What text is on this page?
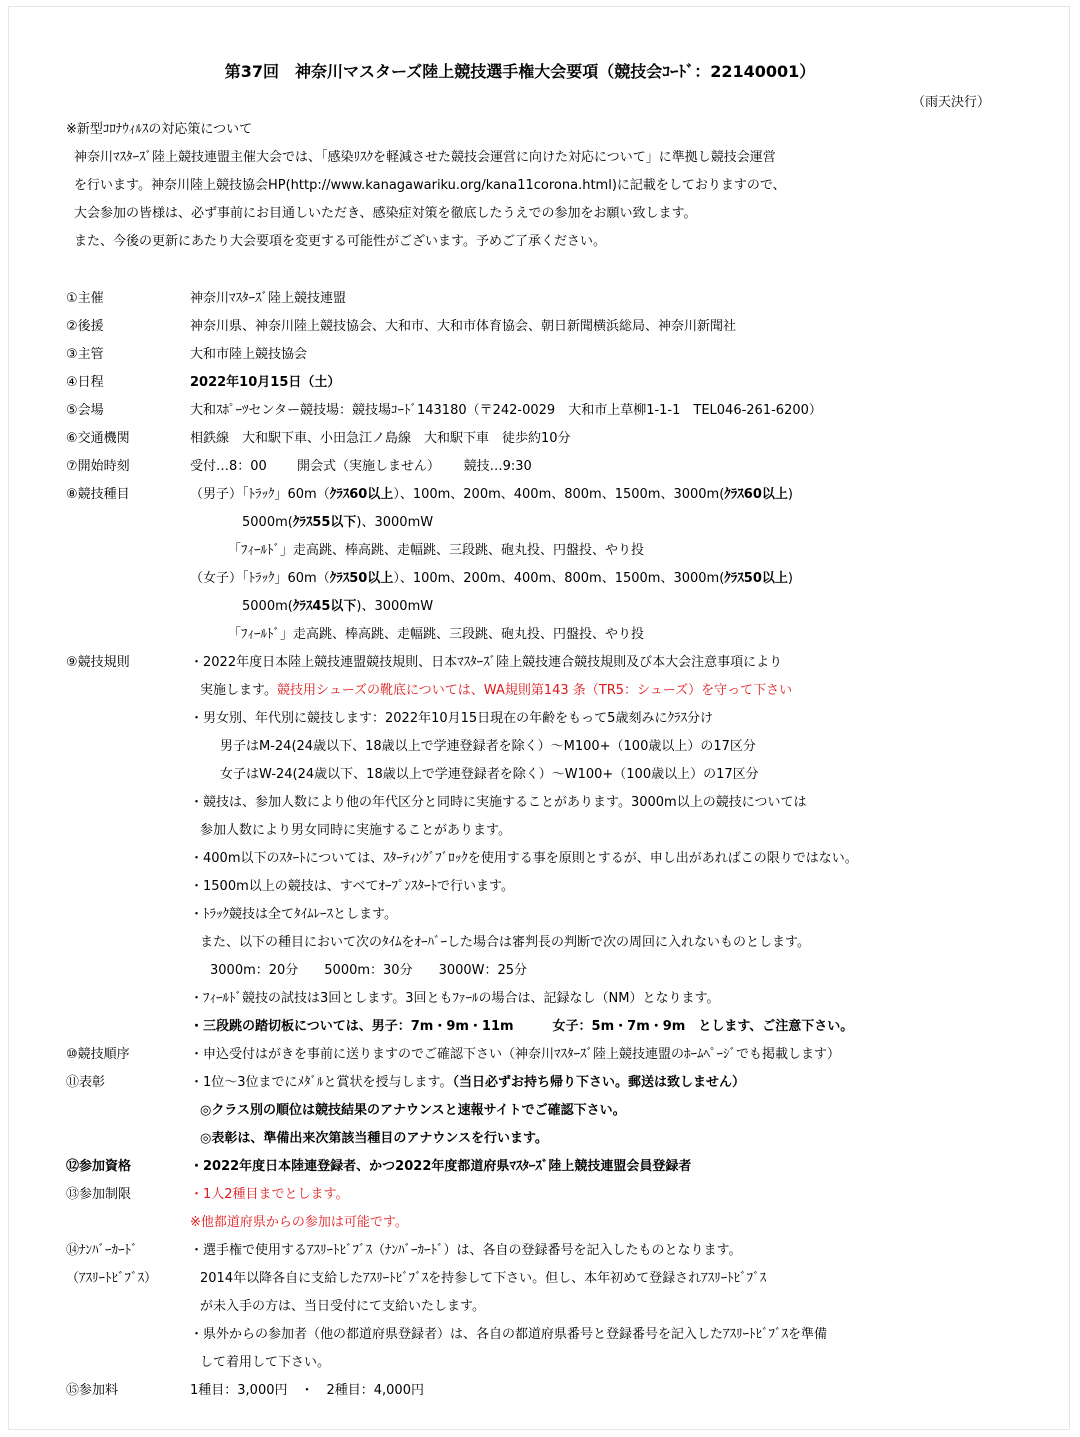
第37回　神奈川マスターズ陸上競技選手権大会要項（競技会ｺｰﾄﾞ：22140001）
（雨天決行）
※新型ｺﾛﾅｳｨﾙｽの対応策について
神奈川ﾏｽﾀｰｽﾞ陸上競技連盟主催大会では、「感染ﾘｽｸを軽減させた競技会運営に向けた対応について」に準拠し競技会運営
を行います。神奈川陸上競技協会HP(http://www.kanagawariku.org/kana11corona.html)に記載をしておりますので、
大会参加の皆様は、必ず事前にお目通しいただき、感染症対策を徹底したうえでの参加をお願い致します。
また、今後の更新にあたり大会要項を変更する可能性がございます。予めご了承ください。
①主催	神奈川ﾏｽﾀｰｽﾞ陸上競技連盟
②後援	神奈川県、神奈川陸上競技協会、大和市、大和市体育協会、朝日新聞横浜総局、神奈川新聞社
③主管	大和市陸上競技協会
④日程	2022年10月15日（土）
⑤会場	大和ｽﾎﾟｰﾂセンター競技場：競技場ｺｰﾄﾞ143180（〒242-0029　大和市上草柳1-1-1　TEL046-261-6200）
⑥交通機関	相鉄線　大和駅下車、小田急江ノ島線　大和駅下車　徒歩約10分
⑦開始時刻	受付…8：00　　 開会式（実施しません）　　 競技…9:30
⑧競技種目	（男子）「ﾄﾗｯｸ」60m（ｸﾗｽ60以上）、100m、200m、400m、800m、1500m、3000m(ｸﾗｽ60以上)
5000m(ｸﾗｽ55以下)、3000mW
「ﾌｨｰﾙﾄﾞ」走高跳、棒高跳、走幅跳、三段跳、砲丸投、円盤投、やり投
（女子）「ﾄﾗｯｸ」60m（ｸﾗｽ50以上）、100m、200m、400m、800m、1500m、3000m(ｸﾗｽ50以上)
5000m(ｸﾗｽ45以下)、3000mW
「ﾌｨｰﾙﾄﾞ」走高跳、棒高跳、走幅跳、三段跳、砲丸投、円盤投、やり投
⑨競技規則	・2022年度日本陸上競技連盟競技規則、日本ﾏｽﾀｰｽﾞ陸上競技連合競技規則及び本大会注意事項により
実施します。競技用シューズの靴底については、WA規則第143 条（TR5：シューズ）を守って下さい
・男女別、年代別に競技します：2022年10月15日現在の年齢をもって5歳刻みにｸﾗｽ分け
男子はM-24(24歳以下、18歳以上で学連登録者を除く）～M100+（100歳以上）の17区分
女子はW-24(24歳以下、18歳以上で学連登録者を除く）～W100+（100歳以上）の17区分
・競技は、参加人数により他の年代区分と同時に実施することがあります。3000m以上の競技については
参加人数により男女同時に実施することがあります。
・400m以下のｽﾀｰﾄについては、ｽﾀｰﾃｨﾝｸﾞﾌﾞﾛｯｸを使用する事を原則とするが、申し出があればこの限りではない。
・1500m以上の競技は、すべてｵｰﾌﾟﾝｽﾀｰﾄで行います。
・ﾄﾗｯｸ競技は全てﾀｲﾑﾚｰｽとします。
また、以下の種目において次のﾀｲﾑをｵｰﾊﾞｰした場合は審判長の判断で次の周回に入れないものとします。
3000m：20分　　5000m：30分　　3000W：25分
・ﾌｨｰﾙﾄﾞ競技の試技は3回とします。3回ともﾌｧｰﾙの場合は、記録なし（NM）となります。
・三段跳の踏切板については、男子：7m・9m・11m　　　女子：5m・7m・9m　とします、ご注意下さい。
⑩競技順序	・申込受付はがきを事前に送りますのでご確認下さい（神奈川ﾏｽﾀｰｽﾞ陸上競技連盟のﾎｰﾑﾍﾟｰｼﾞでも掲載します）
⑪表彰	・1位～3位までにﾒﾀﾞﾙと賞状を授与します。（当日必ずお持ち帰り下さい。郵送は致しません）
◎クラス別の順位は競技結果のアナウンスと速報サイトでご確認下さい。
◎表彰は、準備出来次第該当種目のアナウンスを行います。
⑫参加資格	・2022年度日本陸連登録者、かつ2022年度都道府県ﾏｽﾀｰｽﾞ陸上競技連盟会員登録者
⑬参加制限	・1人2種目までとします。
※他都道府県からの参加は可能です。
⑭ﾅﾝﾊﾞｰｶｰﾄﾞ
（ｱｽﾘｰﾄﾋﾞﾌﾞｽ）
・選手権で使用するｱｽﾘｰﾄﾋﾞﾌﾞｽ（ﾅﾝﾊﾞｰｶｰﾄﾞ）は、各自の登録番号を記入したものとなります。
2014年以降各自に支給したｱｽﾘｰﾄﾋﾞﾌﾞｽを持参して下さい。但し、本年初めて登録されｱｽﾘｰﾄﾋﾞﾌﾞｽ
が未入手の方は、当日受付にて支給いたします。
・県外からの参加者（他の都道府県登録者）は、各自の都道府県番号と登録番号を記入したｱｽﾘｰﾄﾋﾞﾌﾞｽを準備
して着用して下さい。
⑮参加料	1種目：3,000円　・　2種目：4,000円
